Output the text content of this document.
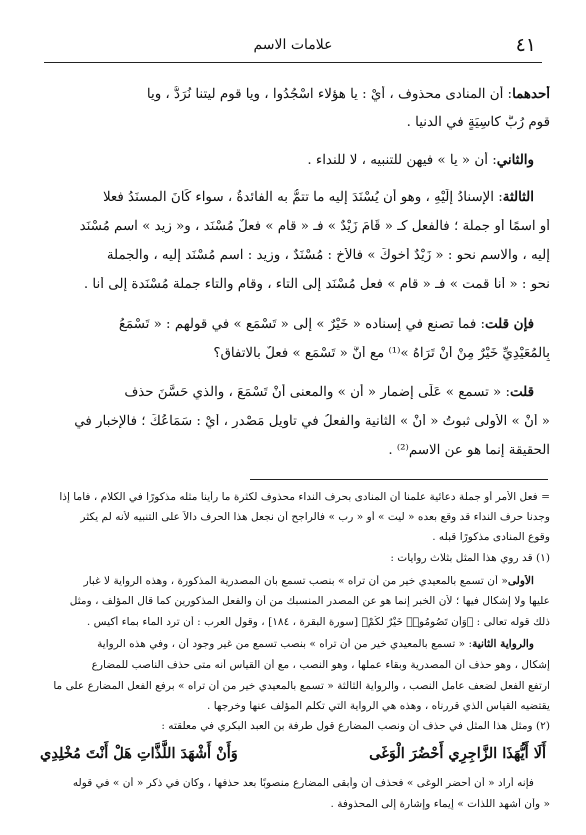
٤١
علامات الاسم
أحدهما: أن المنادى محذوف ، أَيْ : يا هؤلاء اسْجُدُوا ، ويا قوم ليتنا نُرَدُّ ، ويا
قوم رُبَّ كاسِيَةٍ في الدنيا .
والثاني: أن « يا » فيهن للتنبيه ، لا للنداء .
الثالثة: الإسنادُ إلَيْهِ ، وهو أن يُسْنَدَ إليه ما تتمُّ به الفائدةُ ، سواء كَانَ المسنَدُ فعلا
أو اسمًا أو جملة ؛ فالفعل كـ « قَامَ زَيْدٌ » فـ « قام » فعلٌ مُسْنَد ، و« زيد » اسم مُسْنَد
إليه ، والاسم نحو : « زَيْدٌ أخوكَ » فالأخ : مُسْنَدٌ ، وزيد : اسم مُسْنَد إليه ، والجملة
نحو : « أنا قمت » فـ « قام » فعل مُسْنَد إلى التاء ، وقام والتاء جملة مُسْنَدة إلى أنا .
فإن قلت: فما تصنع في إسناده « خَيْرٌ » إلى « تَسْمَع » في قولهم : « تَسْمَعُ
بِالْمُعَيْدِيِّ خَيْرٌ مِنْ أَنْ تَرَاهُ »⁽¹⁾ مع أنَّ « تَسْمَع » فعلٌ بالاتفاق؟
قلت: « تسمع » عَلَى إضمار « أن » والمعنى أنْ تَسْمَعَ ، والذي حَسَّنَ حذف
« أنْ » الأُولى ثبوتُ « أنْ » الثانية والفعلُ في تأويل مَصْدرٍ ، أَيْ : سَمَاعُكَ ؛ فالإخبار في
الحقيقة إنما هو عن الاسم⁽²⁾ .
= فعل الأمر أو جملة دعائية علمنا أن المنادى بحرف النداء محذوف لكثرة ما رأينا مثله مذكورًا في الكلام ، فأما إذا
وجدنا حرف النداء قد وقع بعده « ليت » أو « رب » فالراجح أن نجعل هذا الحرف دالاً على التنبيه لأنه لم يكثر
وقوع المنادى مذكورًا قبله .
(١) قد روي هذا المثل بثلاث روايات :
الأولى« أن تسمع بالمعيدي خير من أن تراه » بنصب تسمع بأن المصدرية المذكورة ، وهذه الرواية لا غبار
عليها ولا إشكال فيها ؛ لأن الخبر إنما هو عن المصدر المنسبك من أن والفعل المذكورين كما قال المؤلف ، ومثل
ذلك قوله تعالى : ﴿وَأَن تَصُومُوا۟ خَيْرٌ لَّكُمْ﴾ [سورة البقرة ، ١٨٤] ، وقول العرب : أن ترد الماء بماء أكيس .
والرواية الثانية: « تسمع بالمعيدي خير من أن تراه » بنصب تسمع من غير وجود أن ، وفي هذه الرواية
إشكال ، وهو حذف أن المصدرية وبقاء عملها ، وهو النصب ، مع أن القياس أنه متى حذف الناصب للمضارع
ارتفع الفعل لضعف عامل النصب ، والرواية الثالثة « تسمع بالمعيدي خير من أن تراه » برفع الفعل المضارع على ما
يقتضيه القياس الذي قررناه ، وهذه هي الرواية التي تكلم المؤلف عنها وخرجها .
(٢) ومثل هذا المثل في حذف أن ونصب المضارع قول طرفة بن العبد البكري في معلقته :
أَلَا أَيُّهَذَا الزَّاجِرِي أَحْضُرَ الْوَغَى
وَأَنْ أَشْهَدَ اللَّذَّاتِ هَلْ أَنْتَ مُخْلِدِي
فإنه أراد « أن أحضر الوغى » فحذف أن وأبقى المضارع منصوبًا بعد حذفها ، وكان في ذكر « أن » في قوله
« وأن أشهد اللذات » إيماء وإشارة إلى المحذوفة .
